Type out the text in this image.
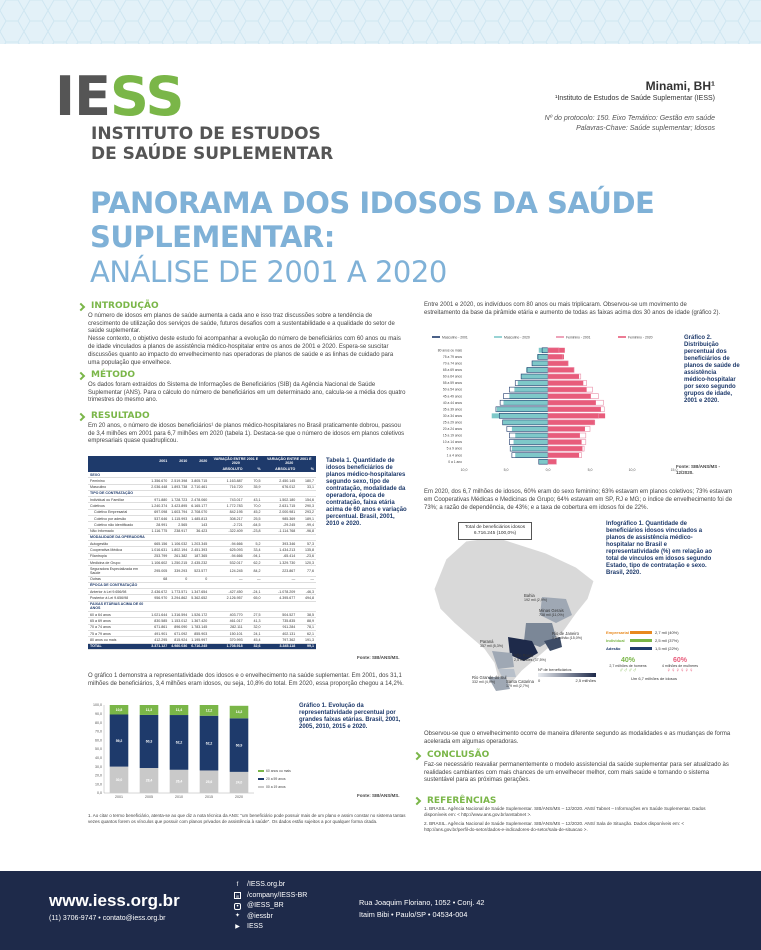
IE SS
INSTITUTO DE ESTUDOS
DE SAÚDE SUPLEMENTAR
Minami, BH¹
¹Instituto de Estudos de Saúde Suplementar (IESS)
Nº do protocolo: 150. Eixo Temático: Gestão em saúde
Palavras-Chave: Saúde suplementar; Idosos
PANORAMA DOS IDOSOS DA SAÚDE SUPLEMENTAR:
ANÁLISE DE 2001 A 2020
INTRODUÇÃO

O número de idosos em planos de saúde aumenta a cada ano e isso traz discussões sobre a tendência de crescimento de utilização dos serviços de saúde, futuros desafios com a sustentabilidade e a qualidade do setor de saúde suplementar.

Nesse contexto, o objetivo deste estudo foi acompanhar a evolução do número de beneficiários com 60 anos ou mais de idade vinculados a planos de assistência médico-hospitalar entre os anos de 2001 e 2020. Espera-se suscitar discussões quanto ao impacto do envelhecimento nas operadoras de planos de saúde e as linhas de cuidado para uma população que envelhece.

MÉTODO

Os dados foram extraídos do Sistema de Informações de Beneficiários (SIB) da Agência Nacional de Saúde Suplementar (ANS). Para o cálculo do número de beneficiários em um determinado ano, calcula-se a média dos quatro trimestres do mesmo ano.

RESULTADO

Em 20 anos, o número de idosos beneficiários¹ de planos médico-hospitalares no Brasil praticamente dobrou, passou de 3,4 milhões em 2001 para 6,7 milhões em 2020 (tabela 1). Destaca-se que o número de idosos em planos coletivos empresariais quase quadruplicou.

	2001	2010	2020	VARIAÇÃO ENTRE 2001 E 2020		VARIAÇÃO ENTRE 2001 E 2020	
				ABSOLUTO	%	ABSOLUTO	%
SEXO							
Feminino	1.356.670	2.519.398	3.805.715	1.163.887	70,5	2.450.145	180,7
Masculino	2.036.448	1.893.738	2.710.461	716.720	35,9	676.012	33,1
TIPO DE CONTRATAÇÃO							
Individual ou Familiar	971.880	1.728.723	2.478.060	743.017	43,1	1.502.180	154,6
Coletivos	1.240.374	3.423.895	6.165.177	1.772.783	70,0	2.631.715	290,3
Coletivo Empresarial	697.098	1.603.794	2.708.070	842.195	45,2	2.000.981	293,2
Coletivo por adesão	537.646	1.115.993	1.485.813	308.217	25,5	985.369	189,1
Coletivo não identificado	28.991	2.565	143	-2.721	-64,5	-29.245	-99,4
Não Informado	1.116.775	238.917	36.423	-322.409	-23,8	-1.114.768	-96,8
MODALIDADE DA OPERADORA							
Autogestão	665.156	1.106.032	1.203.345	-94.666	5,2	393.346	57,3
Cooperativa Médica	1.016.631	1.802.194	2.451.393	625.093	33,4	1.434.213	135,8
Filantropia	253.799	261.382	187.365	-94.666	-94,1	-65.414	-23,6
Medicina de Grupo	1.106.602	1.250.215	2.435.232	532.017	62,2	1.329.730	120,3
Seguradora Especializada em Saúde	295.005	339.293	523.577	124.245	84,2	223.867	77,6
Outras	68	0	0	—	—	—	—
ÉPOCA DE CONTRATAÇÃO							
Anterior à Lei 9.656/98	2.436.672	1.773.571	1.347.654	-427.450	-24,1	-1.078.209	-46,3
Posterior à Lei 9.656/98	956.970	3.294.862	5.362.652	2.126.957	65,0	4.395.677	494,8
FAIXAS ETÁRIAS ACIMA DE 60 ANOS							
60 a 64 anos	1.021.644	1.316.594	1.526.172	403.770	27,5	504.527	38,5
65 a 69 anos	830.585	1.153.012	1.367.420	461.017	41,3	735.835	88,9
70 a 74 anos	671.861	896.090	1.783.145	282.111	32,0	911.284	78,1
75 a 79 anos	491.901	671.092	855.903	150.101	24,1	402.131	62,1
80 anos ou mais	412.295	815.924	1.195.997	370.993	45,4	797.362	191,3
TOTAL	3.371.127	4.980.036	6.716.245	1.708.918	32,6	3.345.118	99,1
Tabela 1. Quantidade de idosos beneficiários de planos médico-hospitalares segundo sexo, tipo de contratação, modalidade da operadora, época de contratação, faixa etária acima de 60 anos e variação percentual. Brasil, 2001, 2010 e 2020.
Fonte: SIB/ANS/MS.
O gráfico 1 demonstra a representatividade dos idosos e o envelhecimento na saúde suplementar. Em 2001, dos 31,1 milhões de beneficiários, 3,4 milhões eram idosos, ou seja, 10,8% do total. Em 2020, essa proporção chegou a 14,2%.
100,0
90,0
80,0
70,0
60,0
50,0
40,0
30,0
20,0
10,0
0,0
30,0
59,2
10,8
2001
28,4
60,3
11,3
2005
26,4
62,2
11,4
2010
25,6
62,2
12,2
2015
24,0
60,9
14,2
2020
60 anos ou mais
20 a 59 anos
00 a 19 anos
Gráfico 1. Evolução da representatividade percentual por grandes faixas etárias. Brasil, 2001, 2005, 2010, 2015 e 2020.
Fonte: SIB/ANS/MS.
1. Ao citar o termo beneficiário, atenta-se ao que diz a nota técnica da ANS: "um beneficiário pode possuir mais de um plano e assim constar no sistema tantas vezes quantos forem os vínculos que possuir com planos privados de assistência à saúde". Os dados estão sujeitos a por qualquer forma citada.
Entre 2001 e 2020, os indivíduos com 80 anos ou mais triplicaram. Observou-se um movimento de estreitamento da base da pirâmide etária e aumento de todas as faixas acima dos 30 anos de idade (gráfico 2).
Masculino - 2001	Masculino - 2020	Feminino - 2001	Feminino - 2020
80 anos ou mais
75 a 79 anos
70 a 74 anos
65 a 69 anos
60 a 64 anos
55 a 59 anos
50 a 54 anos
45 a 49 anos
40 a 44 anos
35 a 39 anos
30 a 34 anos
25 a 29 anos
20 a 24 anos
15 a 19 anos
10 a 14 anos
5 a 9 anos
1 a 4 anos
0 a 1 ano
10,0	5,0	0,0	5,0	10,0	15,0
Gráfico 2. Distribuição percentual dos beneficiários de planos de saúde de assistência médico-hospitalar por sexo segundo grupos de idade, 2001 e 2020.
Fonte: SIB/ANS/MS - 12/2020.
Em 2020, dos 6,7 milhões de idosos, 60% eram do sexo feminino; 63% estavam em planos coletivos; 73% estavam em Cooperativas Médicas e Medicinas de Grupo; 64% estavam em SP, RJ e MG; o índice de envelhecimento foi de 73%; a razão de dependência, de 43%; e a taxa de cobertura em idosos foi de 22%.
Total de beneficiários idosos
6.716.245 (100,0%)
Bahia
192 mil (2,9%)
Minas Gerais
738 mil (11,0%)
Rio de Janeiro
1,0 milhão (15,0%)
Paraná
357 mil (5,3%)
São Paulo
2,5 milhões (37,5%)
Rio Grande do Sul
332 mil (4,9%)	Santa Catarina
179 mil (2,7%)
Nº de beneficiários
0	2,5 milhões
Infográfico 1. Quantidade de beneficiários idosos vinculados a planos de assistência médico-hospitalar no Brasil e representatividade (%) em relação ao total de vínculos em idosos segundo Estado, tipo de contratação e sexo. Brasil, 2020.
Empresarial	2,7 mil (40%)
Individual	2,5 mil (37%)
Adesão	1,5 mil (22%)
40%
2,7 milhões de homens
♂♂♂♂
60%
4 milhões de mulheres
♀♀♀♀♀♀
Um 6,7 milhões de idosos
Observou-se que o envelhecimento ocorre de maneira diferente segundo as modalidades e as mudanças de forma acelerada em algumas operadoras.
CONCLUSÃO

Faz-se necessário reavaliar permanentemente o modelo assistencial da saúde suplementar para ser atualizado às realidades cambiantes com mais chances de um envelhecer melhor, com mais saúde e tornando o sistema sustentável para as próximas gerações.

REFERÊNCIAS

1. BRASIL. Agência Nacional de Saúde Suplementar. SIB/ANS/MS – 12/2020. ANS/ Tabnet – Informações em Saúde Suplementar. Dados disponíveis em: < http://www.ans.gov.br/anstabnet >.

2. BRASIL. Agência Nacional de Saúde Suplementar. SIB/ANS/MS – 12/2020. ANS/ Sala de Situação. Dados disponíveis em: < http://ans.gov.br/perfil-do-setor/dados-e-indicadores-do-setor/sala-de-situacao >.

www.iess.org.br
(11) 3706-9747 • contato@iess.org.br
f	/IESS.org.br
in /company/IESS-BR
•	@IESS_BR
✦ @iessbr
▶ IESS
Rua Joaquim Floriano, 1052 • Conj. 42
Itaim Bibi • Paulo/SP • 04534-004
